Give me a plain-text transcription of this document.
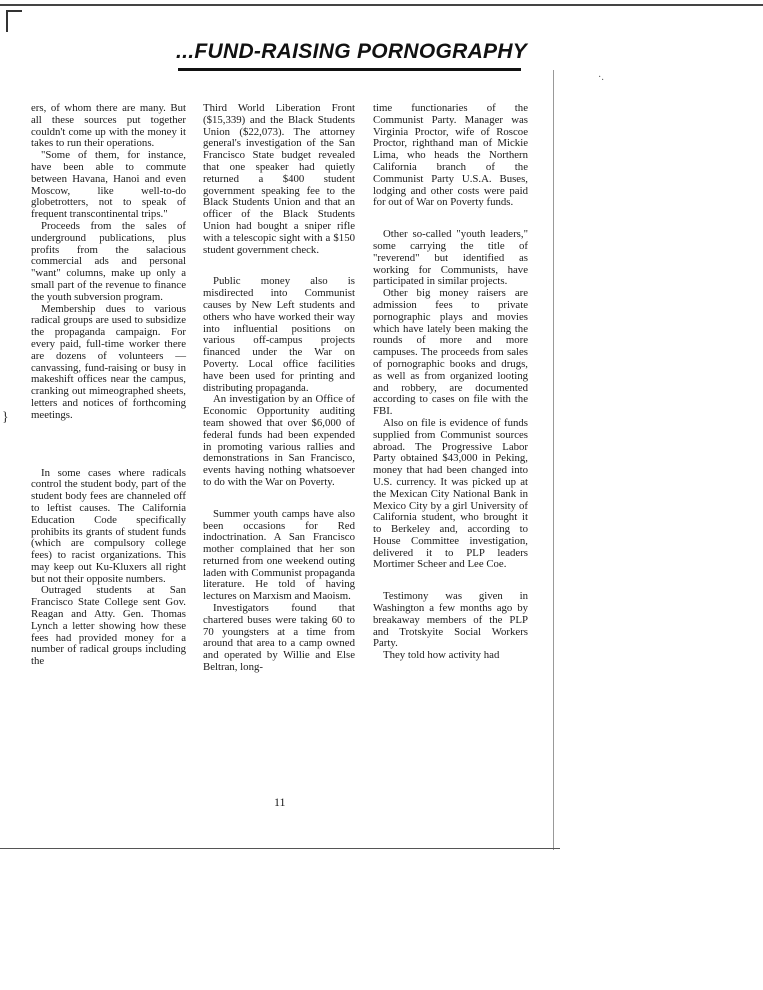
·.
}
...FUND-RAISING PORNOGRAPHY

ers, of whom there are many. But all these sources put together couldn't come up with the money it takes to run their operations.

"Some of them, for instance, have been able to commute between Havana, Hanoi and even Moscow, like well-to-do globetrotters, not to speak of frequent transcontinental trips."

Proceeds from the sales of underground publications, plus profits from the salacious commercial ads and personal "want" columns, make up only a small part of the revenue to finance the youth subversion program.

Membership dues to various radical groups are used to subsidize the propaganda campaign. For every paid, full-time worker there are dozens of volunteers — canvassing, fund-raising or busy in makeshift offices near the campus, cranking out mimeographed sheets, letters and notices of forthcoming meetings.

In some cases where radicals control the student body, part of the student body fees are channeled off to leftist causes. The California Education Code specifically prohibits its grants of student funds (which are compulsory college fees) to racist organizations. This may keep out Ku-Kluxers all right but not their opposite numbers.

Outraged students at San Francisco State College sent Gov. Reagan and Atty. Gen. Thomas Lynch a letter showing how these fees had provided money for a number of radical groups including the

Third World Liberation Front ($15,339) and the Black Students Union ($22,073). The attorney general's investigation of the San Francisco State budget revealed that one speaker had quietly returned a $400 student government speaking fee to the Black Students Union and that an officer of the Black Students Union had bought a sniper rifle with a telescopic sight with a $150 student government check.

Public money also is misdirected into Communist causes by New Left students and others who have worked their way into influential positions on various off-campus projects financed under the War on Poverty. Local office facilities have been used for printing and distributing propaganda.

An investigation by an Office of Economic Opportunity auditing team showed that over $6,000 of federal funds had been expended in promoting various rallies and demonstrations in San Francisco, events having nothing whatsoever to do with the War on Poverty.

Summer youth camps have also been occasions for Red indoctrination. A San Francisco mother complained that her son returned from one weekend outing laden with Communist propaganda literature. He told of having lectures on Marxism and Maoism.

Investigators found that chartered buses were taking 60 to 70 youngsters at a time from around that area to a camp owned and operated by Willie and Else Beltran, long-

time functionaries of the Communist Party. Manager was Virginia Proctor, wife of Roscoe Proctor, righthand man of Mickie Lima, who heads the Northern California branch of the Communist Party U.S.A. Buses, lodging and other costs were paid for out of War on Poverty funds.

Other so-called "youth leaders," some carrying the title of "reverend" but identified as working for Communists, have participated in similar projects.

Other big money raisers are admission fees to private pornographic plays and movies which have lately been making the rounds of more and more campuses. The proceeds from sales of pornographic books and drugs, as well as from organized looting and robbery, are documented according to cases on file with the FBI.

Also on file is evidence of funds supplied from Communist sources abroad. The Progressive Labor Party obtained $43,000 in Peking, money that had been changed into U.S. currency. It was picked up at the Mexican City National Bank in Mexico City by a girl University of California student, who brought it to Berkeley and, according to House Committee investigation, delivered it to PLP leaders Mortimer Scheer and Lee Coe.

Testimony was given in Washington a few months ago by breakaway members of the PLP and Trotskyite Social Workers Party.

They told how activity had

11
